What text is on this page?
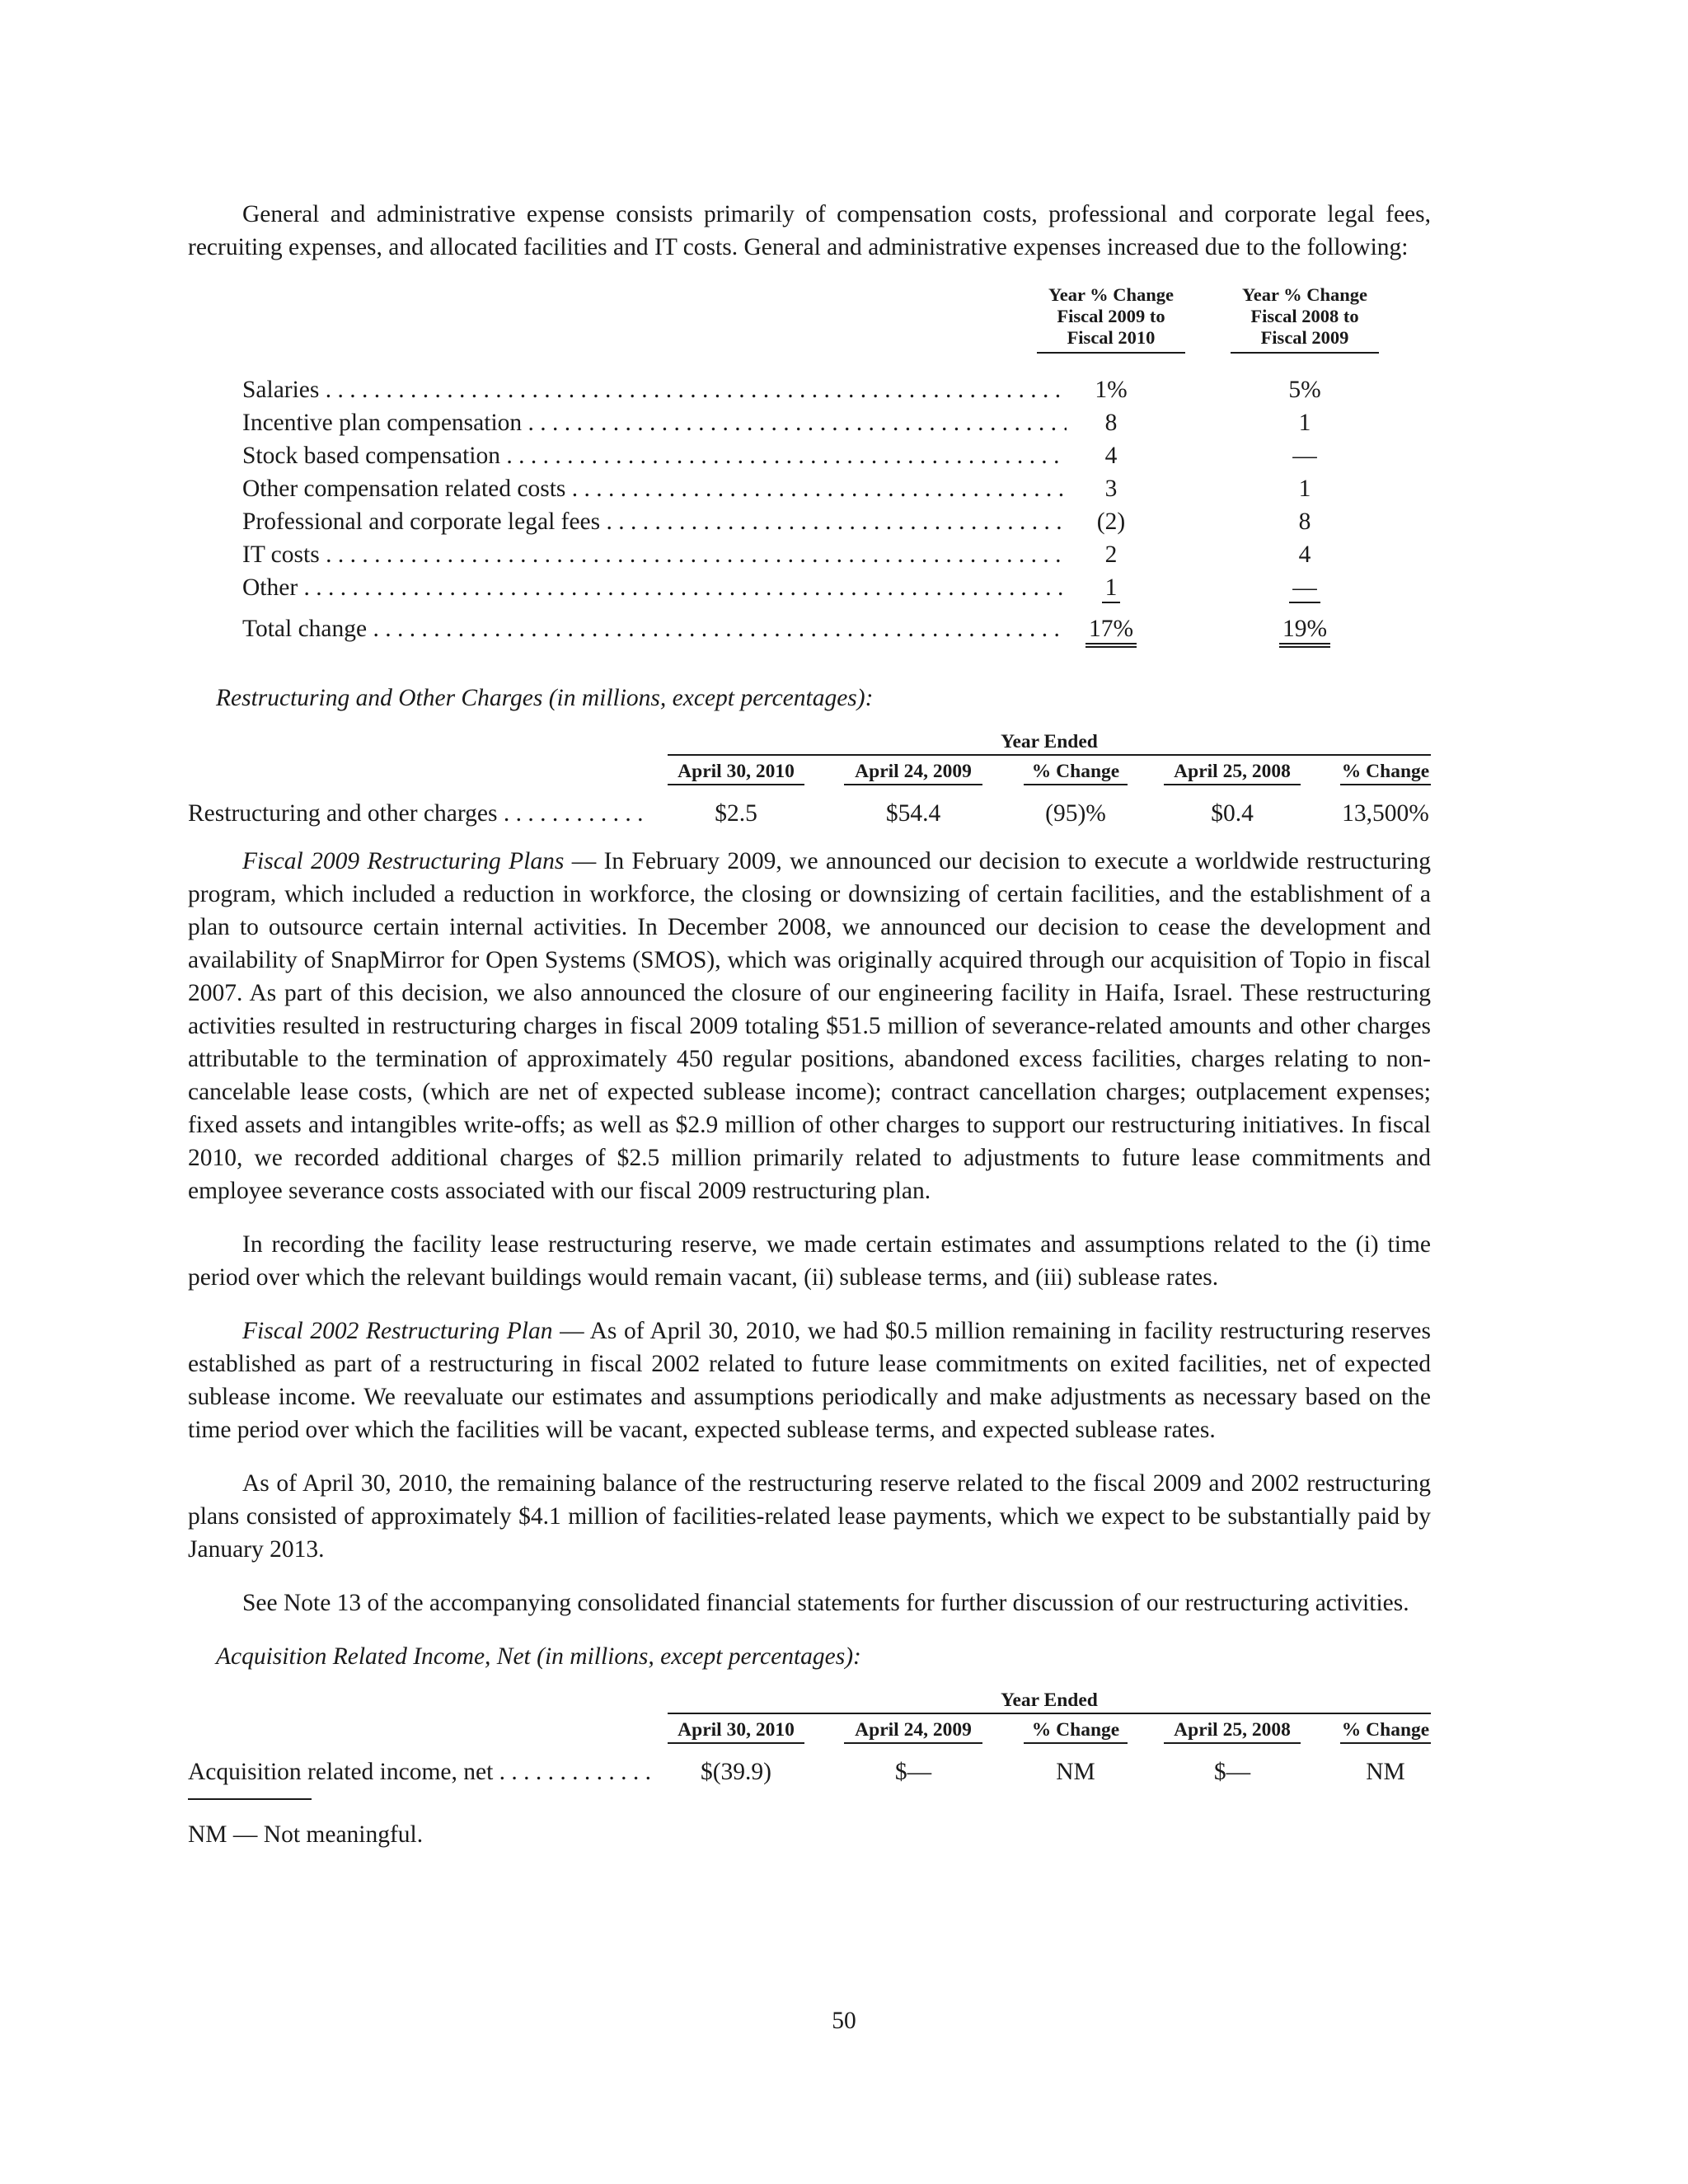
General and administrative expense consists primarily of compensation costs, professional and corporate legal fees, recruiting expenses, and allocated facilities and IT costs. General and administrative expenses increased due to the following:

Year % Change
Fiscal 2009 to
Fiscal 2010
Year % Change
Fiscal 2008 to
Fiscal 2009
Salaries . . .	1%	5%
Incentive plan compensation . . .	8	1
Stock based compensation . . .	4	—
Other compensation related costs . . .	3	1
Professional and corporate legal fees . . .	(2)	8
IT costs . . .	2	4
Other . . .	1	—
Total change . . .	17%	19%
Restructuring and Other Charges (in millions, except percentages):
Year Ended
April 30, 2010	April 24, 2009	% Change	April 25, 2008	% Change
Restructuring and other charges . . .	$2.5	$54.4	(95)%	$0.4	13,500%

Fiscal 2009 Restructuring Plans — In February 2009, we announced our decision to execute a worldwide restructuring program, which included a reduction in workforce, the closing or downsizing of certain facilities, and the establishment of a plan to outsource certain internal activities. In December 2008, we announced our decision to cease the development and availability of SnapMirror for Open Systems (SMOS), which was originally acquired through our acquisition of Topio in fiscal 2007. As part of this decision, we also announced the closure of our engineering facility in Haifa, Israel. These restructuring activities resulted in restructuring charges in fiscal 2009 totaling $51.5 million of severance-related amounts and other charges attributable to the termination of approximately 450 regular positions, abandoned excess facilities, charges relating to non-cancelable lease costs, (which are net of expected sublease income); contract cancellation charges; outplacement expenses; fixed assets and intangibles write-offs; as well as $2.9 million of other charges to support our restructuring initiatives. In fiscal 2010, we recorded additional charges of $2.5 million primarily related to adjustments to future lease commitments and employee severance costs associated with our fiscal 2009 restructuring plan.

In recording the facility lease restructuring reserve, we made certain estimates and assumptions related to the (i) time period over which the relevant buildings would remain vacant, (ii) sublease terms, and (iii) sublease rates.

Fiscal 2002 Restructuring Plan — As of April 30, 2010, we had $0.5 million remaining in facility restructuring reserves established as part of a restructuring in fiscal 2002 related to future lease commitments on exited facilities, net of expected sublease income. We reevaluate our estimates and assumptions periodically and make adjustments as necessary based on the time period over which the facilities will be vacant, expected sublease terms, and expected sublease rates.

As of April 30, 2010, the remaining balance of the restructuring reserve related to the fiscal 2009 and 2002 restructuring plans consisted of approximately $4.1 million of facilities-related lease payments, which we expect to be substantially paid by January 2013.

See Note 13 of the accompanying consolidated financial statements for further discussion of our restructuring activities.

Acquisition Related Income, Net (in millions, except percentages):
Year Ended
April 30, 2010	April 24, 2009	% Change	April 25, 2008	% Change
Acquisition related income, net . . .	$(39.9)	$—	NM	$—	NM

NM — Not meaningful.

50
